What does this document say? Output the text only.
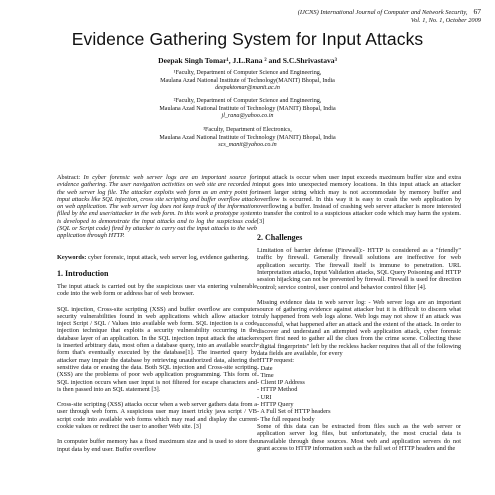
(IJCNS) International Journal of Computer and Network Security, 67
Vol. 1, No. 1, October 2009
Evidence Gathering System for Input Attacks
Deepak Singh Tomar¹, J.L.Rana ² and S.C.Shrivastava³
¹Faculty, Department of Computer Science and Engineering,
Maulana Azad National Institute of Technology(MANIT) Bhopal, India
deepaktomar@manit.ac.in
²Faculty, Department of Computer Science and Engineering,
Maulana Azad National Institute of Technology (MANIT) Bhopal, India
jl_rana@yahoo.co.in
³Faculty, Department of Electronics,
Maulana Azad National Institute of Technology (MANIT) Bhopal, India
scs_manit@yahoo.co.in
Abstract: In cyber forensic web server logs are an important source for evidence gathering. The user navigation activities on web site are recorded in the web server log file. The attacker exploits web form as an entry point for input attacks like SQL injection, cross site scripting and buffer overflow attack on web application. The web server log does not keep track of the information filled by the end user/attacker in the web form. In this work a prototype system is developed to demonstrate the input attacks and to log the suspicious code (SQL or Script code) fired by attacker to carry out the input attacks to the web application through HTTP.
Keywords: cyber forensic, input attack, web server log, evidence gathering.
1. Introduction

The input attack is carried out by the suspicious user via entering vulnerable code into the web form or address bar of web browser.

SQL injection, Cross-site scripting (XSS) and buffer overflow are computer security vulnerabilities found in web applications which allow attacker to inject Script / SQL / Values into available web form. SQL injection is a code injection technique that exploits a security vulnerability occurring in the database layer of an application. In the SQL injection input attack the attacker is inserted arbitrary data, most often a database query, into an available search form that's eventually executed by the database[1]. The inserted query by attacker may impair the database by retrieving unauthorized data, altering the sensitive data or erasing the data. Both SQL injection and Cross-site scripting (XSS) are the problems of poor web application programming. This form of SQL injection occurs when user input is not filtered for escape characters and is then passed into an SQL statement [3].

Cross-site scripting (XSS) attacks occur when a web server gathers data from a user through web form. A suspicious user may insert tricky java script / VB script code into available web forms which may read and display the current cookie values or redirect the user to another Web site. [3]

In computer buffer memory has a fixed maximum size and is used to store the input data by end user. Buffer overflow

input attack is occur when user input exceeds maximum buffer size and extra input goes into unexpected memory locations. In this input attack an attacker insert larger string which may is not accommodate by memory buffer and overflow is occurred. In this way it is easy to crash the web application by overflowing a buffer. Instead of crashing web server attacker is more interested to transfer the control to a suspicious attacker code which may harm the system. [3]

2. Challenges

Limitation of barrier defense (Firewall):- HTTP is considered as a "friendly" traffic by firewall. Generally firewall solutions are ineffective for web application security. The firewall itself is immune to penetration. URL Interpretation attacks, Input Validation attacks, SQL Query Poisoning and HTTP session hijacking can not be prevented by firewall. Firewall is used for direction control; service control, user control and behavior control filter [4].

Missing evidence data in web server log: - Web server logs are an important source of gathering evidence against attacker but it is difficult to discern what truly happened from web logs alone. Web logs may not show if an attack was successful, what happened after an attack and the extent of the attack. In order to discover and understand an attempted web application attack, cyber forensic expert first need to gather all the clues from the crime scene. Collecting these "digital fingerprints" left by the reckless hacker requires that all of the following data fields are available, for every

HTTP request:
- Date
- Time
- Client IP Address
- HTTP Method
- URI
- HTTP Query
- A Full Set of HTTP headers
- The full request body

Some of this data can be extracted from files such as the web server or application server log files, but unfortunately, the most crucial data is unavailable through these sources. Most web and application servers do not grant access to HTTP information such as the full set of HTTP headers and the
